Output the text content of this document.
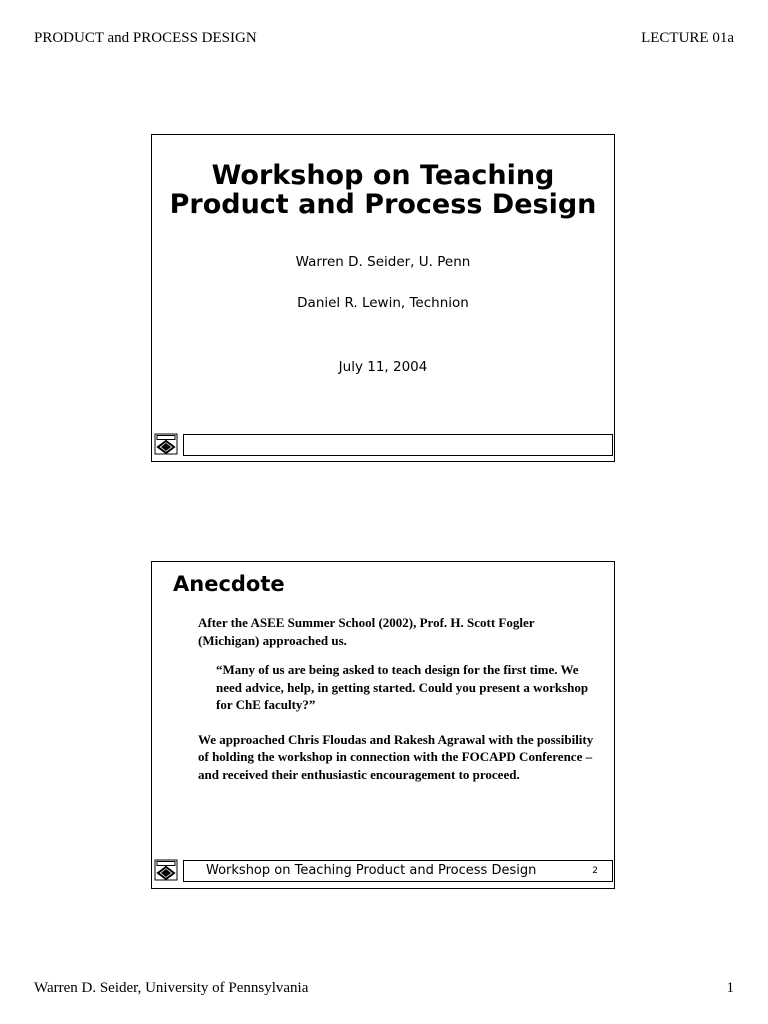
PRODUCT and PROCESS DESIGN	LECTURE 01a
Workshop on Teaching
Product and Process Design
Warren D. Seider, U. Penn
Daniel R. Lewin, Technion
July 11, 2004
Anecdote

After the ASEE Summer School (2002), Prof. H. Scott Fogler (Michigan) approached us.

“Many of us are being asked to teach design for the first time. We need advice, help, in getting started. Could you present a workshop for ChE faculty?”

We approached Chris Floudas and Rakesh Agrawal with the possibility of holding the workshop in connection with the FOCAPD Conference – and received their enthusiastic encouragement to proceed.

Workshop on Teaching Product and Process Design	2
Warren D. Seider, University of Pennsylvania	1
